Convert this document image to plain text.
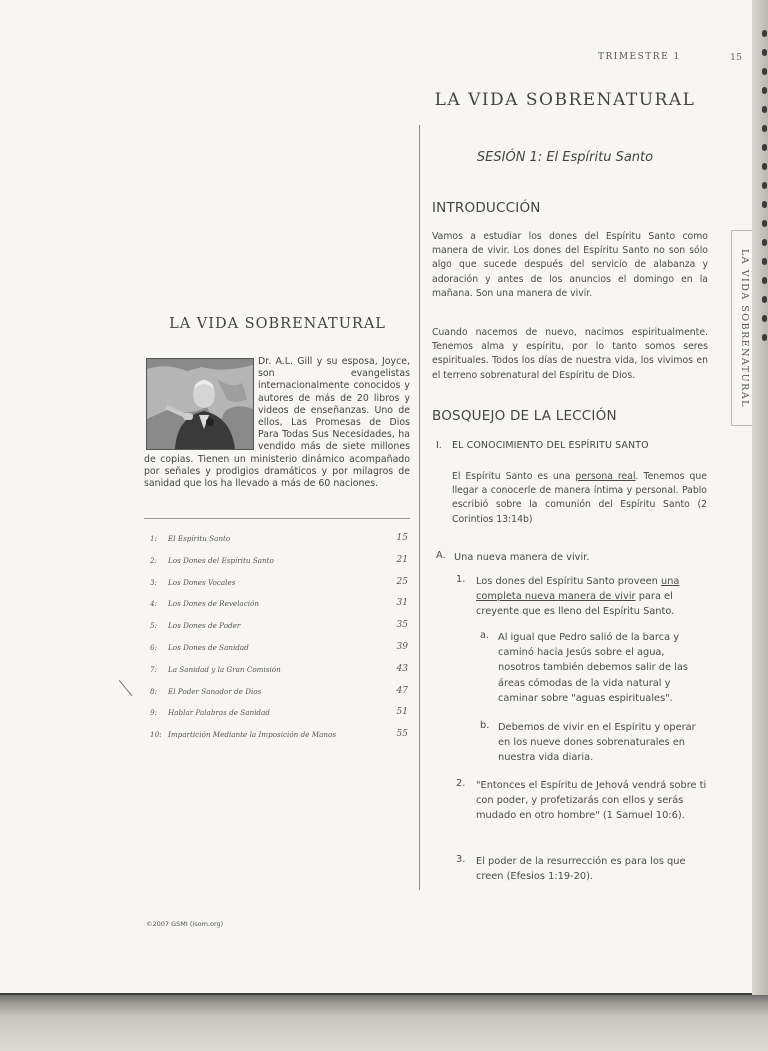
TRIMESTRE 1	15
LA VIDA SOBRENATURAL
LA VIDA SOBRENATURAL
LA VIDA SOBRENATURAL
Dr. A.L. Gill y su esposa, Joyce, son evangelistas internacionalmente conocidos y autores de más de 20 libros y videos de enseñanzas. Uno de ellos, Las Promesas de Dios Para Todas Sus Necesidades, ha vendido más de siete millones de copias. Tienen un ministerio dinámico acompañado por señales y prodigios dramáticos y por milagros de sanidad que los ha llevado a más de 60 naciones.
1: El Espíritu Santo	15
2: Los Dones del Espíritu Santo	21
3: Los Dones Vocales	25
4: Los Dones de Revelación	31
5: Los Dones de Poder	35
6: Los Dones de Sanidad	39
7: La Sanidad y la Gran Comisión	43
8: El Poder Sanador de Dios	47
9: Hablar Palabras de Sanidad	51
10: Impartición Mediante la Imposición de Manos	55
©2007 GSMI (isom.org)
SESIÓN 1: El Espíritu Santo
INTRODUCCIÓN
Vamos a estudiar los dones del Espíritu Santo como manera de vivir. Los dones del Espíritu Santo no son sólo algo que sucede después del servicio de alabanza y adoración y antes de los anuncios el domingo en la mañana. Son una manera de vivir.
Cuando nacemos de nuevo, nacimos espiritualmente. Tenemos alma y espíritu, por lo tanto somos seres espirituales. Todos los días de nuestra vida, los vivimos en el terreno sobrenatural del Espíritu de Dios.
BOSQUEJO DE LA LECCIÓN
I. EL CONOCIMIENTO DEL ESPÍRITU SANTO
El Espíritu Santo es una persona real. Tenemos que llegar a conocerle de manera íntima y personal. Pablo escribió sobre la comunión del Espíritu Santo (2 Corintios 13:14b)
A. Una nueva manera de vivir.
1. Los dones del Espíritu Santo proveen una completa nueva manera de vivir para el creyente que es lleno del Espíritu Santo.
a. Al igual que Pedro salió de la barca y caminó hacia Jesús sobre el agua, nosotros también debemos salir de las áreas cómodas de la vida natural y caminar sobre "aguas espirituales".
b. Debemos de vivir en el Espíritu y operar en los nueve dones sobrenaturales en nuestra vida diaria.
2. "Entonces el Espíritu de Jehová vendrá sobre ti con poder, y profetizarás con ellos y serás mudado en otro hombre" (1 Samuel 10:6).
3. El poder de la resurrección es para los que creen (Efesios 1:19-20).
